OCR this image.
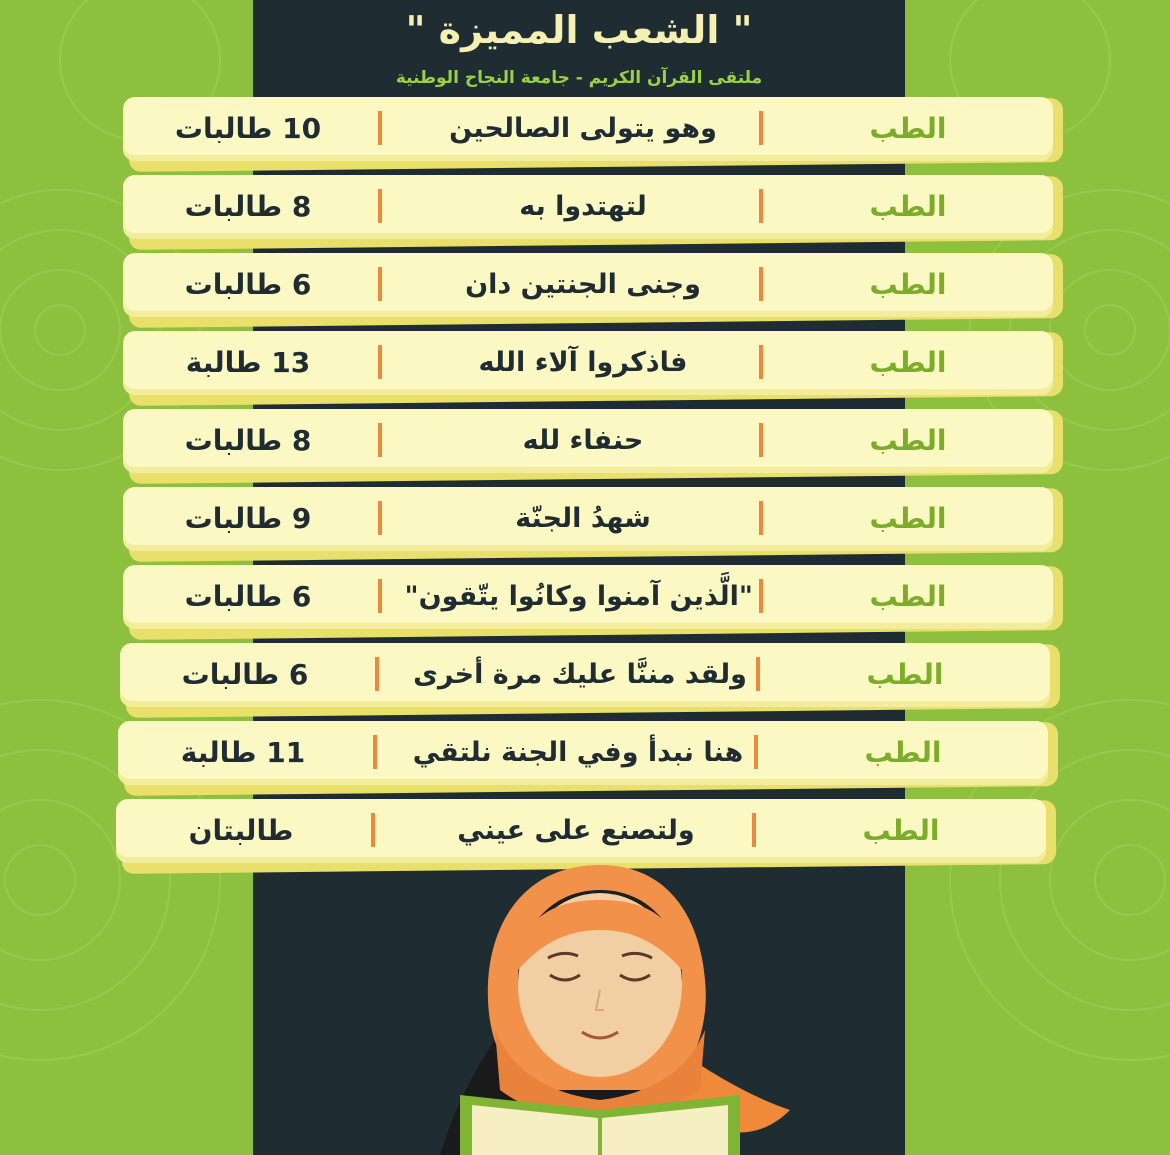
" الشعب المميزة "
ملتقى القرآن الكريم - جامعة النجاح الوطنية
الطب
وهو يتولى الصالحين
10 طالبات
الطب
لتهتدوا به
8 طالبات
الطب
وجنى الجنتين دان
6 طالبات
الطب
فاذكروا آلاء الله
13 طالبة
الطب
حنفاء لله
8 طالبات
الطب
شهدُ الجنّة
9 طالبات
الطب
"الَّذين آمنوا وكانُوا يتّقون"
6 طالبات
الطب
ولقد مننَّا عليك مرة أخرى
6 طالبات
الطب
هنا نبدأ وفي الجنة نلتقي
11 طالبة
الطب
ولتصنع على عيني
طالبتان
